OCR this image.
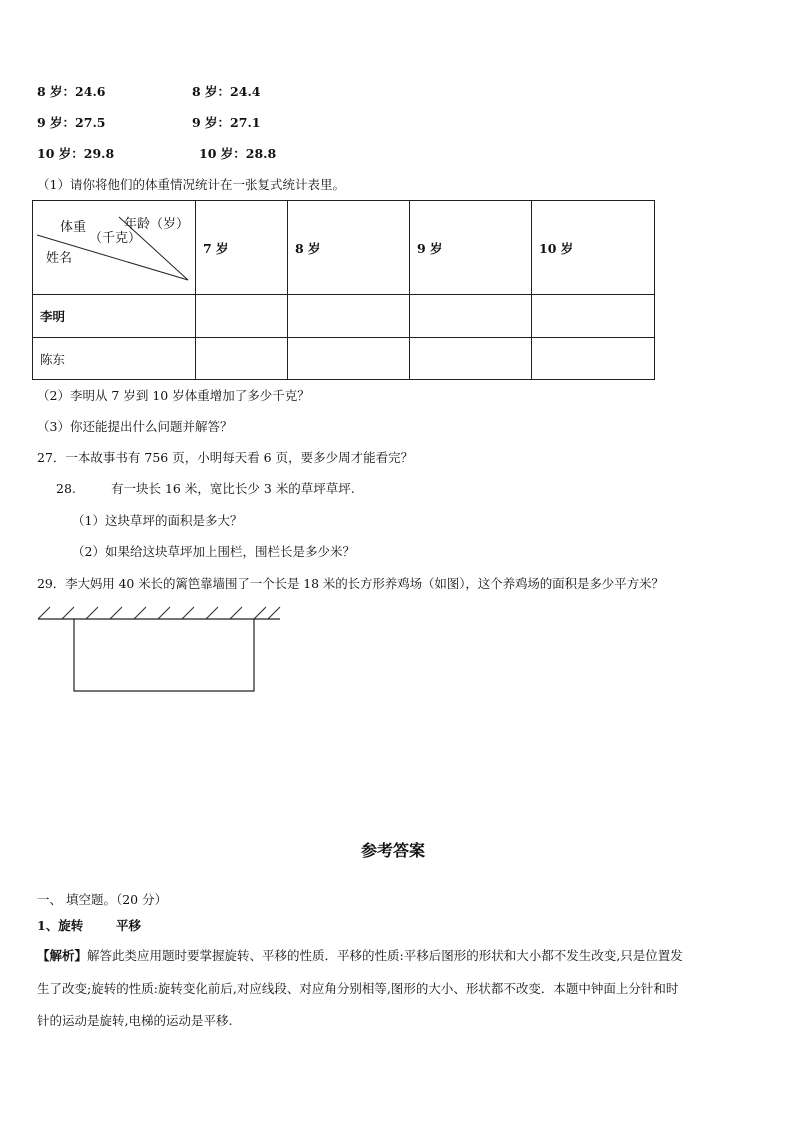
8 岁：24.6	8 岁：24.4
9 岁：27.5	9 岁：27.1
10 岁：29.8	10 岁：28.8
（1）请你将他们的体重情况统计在一张复式统计表里。
年龄（岁）
体重
（千克）
姓名	7 岁	8 岁	9 岁	10 岁
李明				
陈东				
（2）李明从 7 岁到 10 岁体重增加了多少千克？
（3）你还能提出什么问题并解答？
27．一本故事书有 756 页，小明每天看 6 页，要多少周才能看完？
28.	有一块长 16 米，宽比长少 3 米的草坪草坪.
（1）这块草坪的面积是多大？
（2）如果给这块草坪加上围栏，围栏长是多少米？
29．李大妈用 40 米长的篱笆靠墙围了一个长是 18 米的长方形养鸡场（如图），这个养鸡场的面积是多少平方米？
参考答案
一、 填空题。（20 分）
1、旋转	平移
【解析】解答此类应用题时要掌握旋转、平移的性质．平移的性质:平移后图形的形状和大小都不发生改变,只是位置发
生了改变;旋转的性质:旋转变化前后,对应线段、对应角分别相等,图形的大小、形状都不改变．本题中钟面上分针和时
针的运动是旋转,电梯的运动是平移.
